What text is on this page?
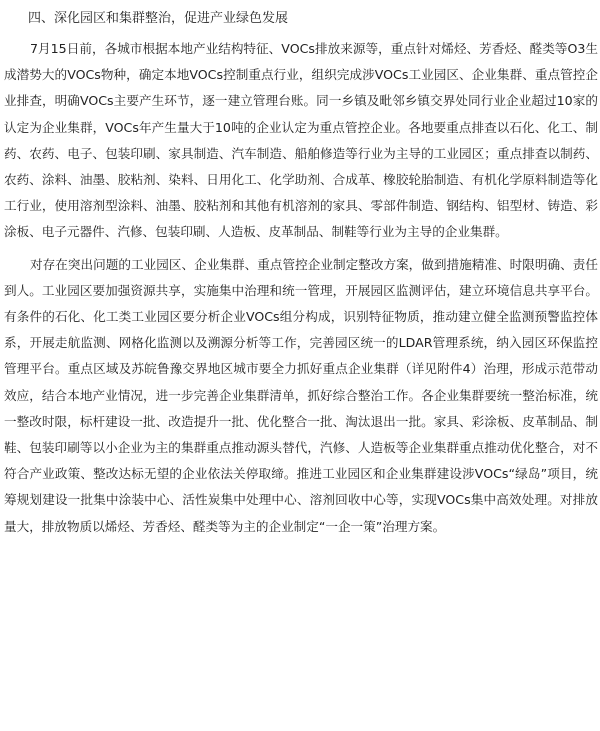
四、深化园区和集群整治，促进产业绿色发展

7月15日前，各城市根据本地产业结构特征、VOCs排放来源等，重点针对烯烃、芳香烃、醛类等O3生成潜势大的VOCs物种，确定本地VOCs控制重点行业，组织完成涉VOCs工业园区、企业集群、重点管控企业排查，明确VOCs主要产生环节，逐一建立管理台账。同一乡镇及毗邻乡镇交界处同行业企业超过10家的认定为企业集群，VOCs年产生量大于10吨的企业认定为重点管控企业。各地要重点排查以石化、化工、制药、农药、电子、包装印刷、家具制造、汽车制造、船舶修造等行业为主导的工业园区；重点排查以制药、农药、涂料、油墨、胶粘剂、染料、日用化工、化学助剂、合成革、橡胶轮胎制造、有机化学原料制造等化工行业，使用溶剂型涂料、油墨、胶粘剂和其他有机溶剂的家具、零部件制造、钢结构、铝型材、铸造、彩涂板、电子元器件、汽修、包装印刷、人造板、皮革制品、制鞋等行业为主导的企业集群。

对存在突出问题的工业园区、企业集群、重点管控企业制定整改方案，做到措施精准、时限明确、责任到人。工业园区要加强资源共享，实施集中治理和统一管理，开展园区监测评估，建立环境信息共享平台。有条件的石化、化工类工业园区要分析企业VOCs组分构成，识别特征物质，推动建立健全监测预警监控体系，开展走航监测、网格化监测以及溯源分析等工作，完善园区统一的LDAR管理系统，纳入园区环保监控管理平台。重点区域及苏皖鲁豫交界地区城市要全力抓好重点企业集群（详见附件4）治理，形成示范带动效应，结合本地产业情况，进一步完善企业集群清单，抓好综合整治工作。各企业集群要统一整治标准，统一整改时限，标杆建设一批、改造提升一批、优化整合一批、淘汰退出一批。家具、彩涂板、皮革制品、制鞋、包装印刷等以小企业为主的集群重点推动源头替代，汽修、人造板等企业集群重点推动优化整合，对不符合产业政策、整改达标无望的企业依法关停取缔。推进工业园区和企业集群建设涉VOCs“绿岛”项目，统筹规划建设一批集中涂装中心、活性炭集中处理中心、溶剂回收中心等，实现VOCs集中高效处理。对排放量大，排放物质以烯烃、芳香烃、醛类等为主的企业制定“一企一策”治理方案。
